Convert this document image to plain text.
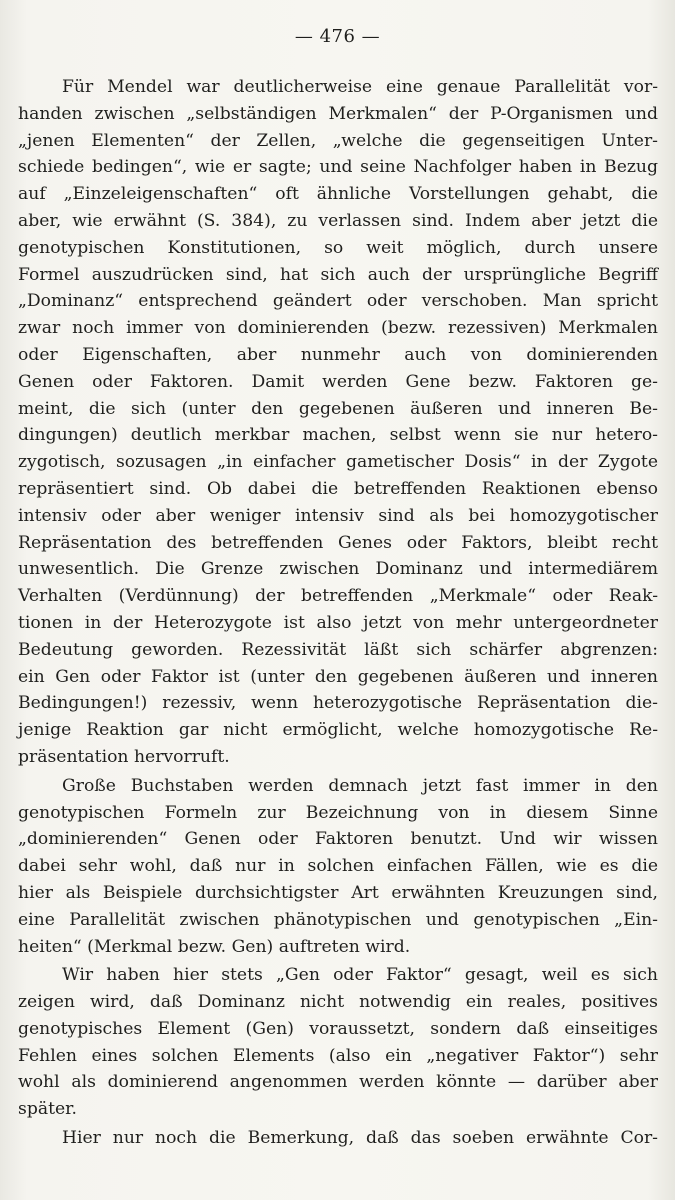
— 476 —

Für Mendel war deutlicherweise eine genaue Parallelität vor-
handen zwischen „selbständigen Merkmalen“ der P-Organismen und
„jenen Elementen“ der Zellen, „welche die gegenseitigen Unter-
schiede bedingen“, wie er sagte; und seine Nachfolger haben in Bezug
auf „Einzeleigenschaften“ oft ähnliche Vorstellungen gehabt, die
aber, wie erwähnt (S. 384), zu verlassen sind. Indem aber jetzt die
genotypischen Konstitutionen, so weit möglich, durch unsere
Formel auszudrücken sind, hat sich auch der ursprüngliche Begriff
„Dominanz“ entsprechend geändert oder verschoben. Man spricht
zwar noch immer von dominierenden (bezw. rezessiven) Merkmalen
oder Eigenschaften, aber nunmehr auch von dominierenden
Genen oder Faktoren. Damit werden Gene bezw. Faktoren ge-
meint, die sich (unter den gegebenen äußeren und inneren Be-
dingungen) deutlich merkbar machen, selbst wenn sie nur hetero-
zygotisch, sozusagen „in einfacher gametischer Dosis“ in der Zygote
repräsentiert sind. Ob dabei die betreffenden Reaktionen ebenso
intensiv oder aber weniger intensiv sind als bei homozygotischer
Repräsentation des betreffenden Genes oder Faktors, bleibt recht
unwesentlich. Die Grenze zwischen Dominanz und intermediärem
Verhalten (Verdünnung) der betreffenden „Merkmale“ oder Reak-
tionen in der Heterozygote ist also jetzt von mehr untergeordneter
Bedeutung geworden. Rezessivität läßt sich schärfer abgrenzen:
ein Gen oder Faktor ist (unter den gegebenen äußeren und inneren
Bedingungen!) rezessiv, wenn heterozygotische Repräsentation die-
jenige Reaktion gar nicht ermöglicht, welche homozygotische Re-
präsentation hervorruft.

Große Buchstaben werden demnach jetzt fast immer in den
genotypischen Formeln zur Bezeichnung von in diesem Sinne
„dominierenden“ Genen oder Faktoren benutzt. Und wir wissen
dabei sehr wohl, daß nur in solchen einfachen Fällen, wie es die
hier als Beispiele durchsichtigster Art erwähnten Kreuzungen sind,
eine Parallelität zwischen phänotypischen und genotypischen „Ein-
heiten“ (Merkmal bezw. Gen) auftreten wird.

Wir haben hier stets „Gen oder Faktor“ gesagt, weil es sich
zeigen wird, daß Dominanz nicht notwendig ein reales, positives
genotypisches Element (Gen) voraussetzt, sondern daß einseitiges
Fehlen eines solchen Elements (also ein „negativer Faktor“) sehr
wohl als dominierend angenommen werden könnte — darüber aber
später.

Hier nur noch die Bemerkung, daß das soeben erwähnte Cor-
